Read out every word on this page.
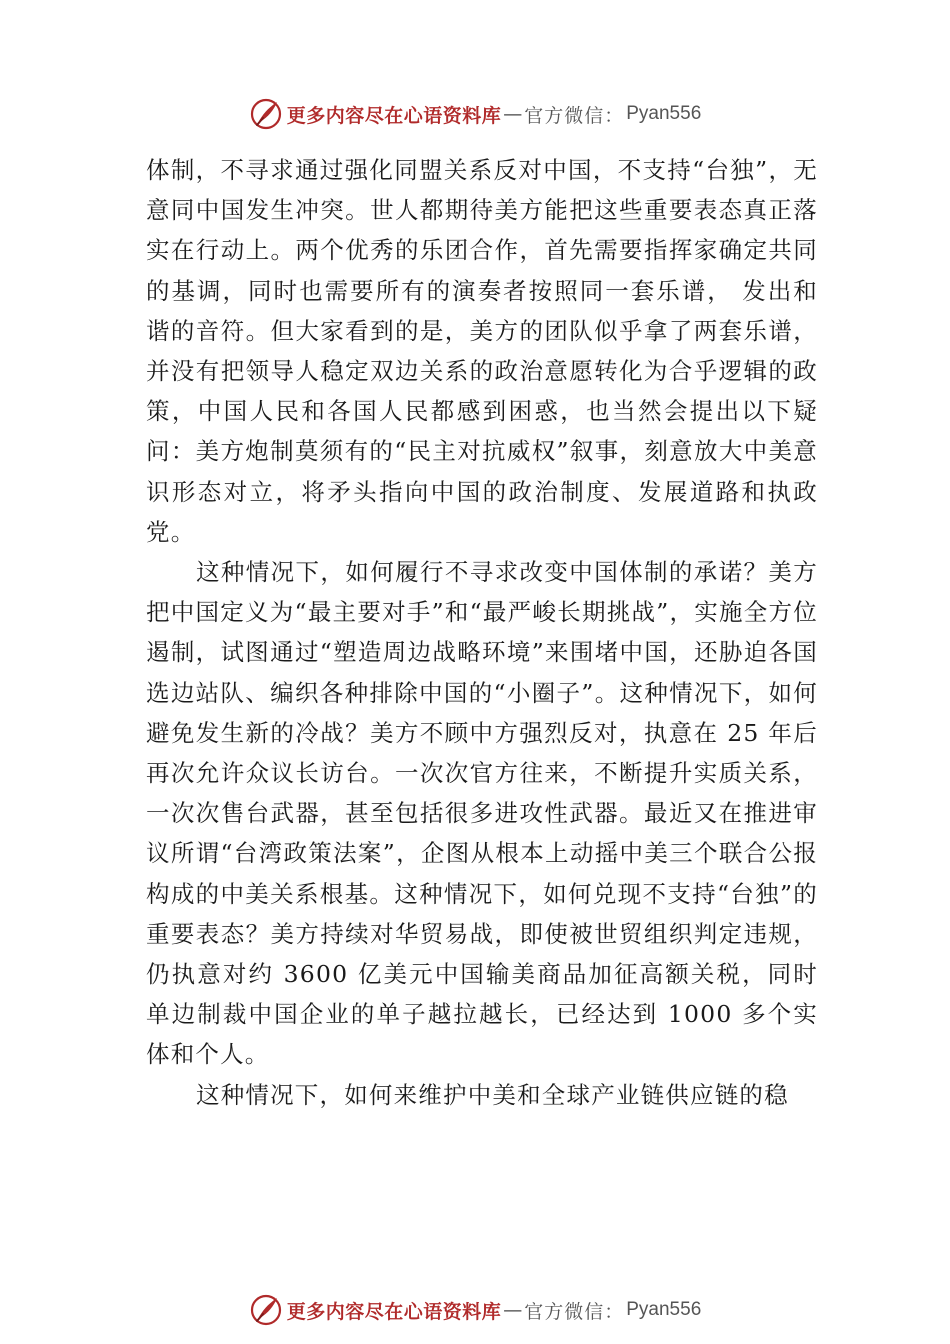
更多内容尽在心语资料库 — 官方微信： Pyan556

体制，不寻求通过强化同盟关系反对中国，不支持“台独”，无意同中国发生冲突。世人都期待美方能把这些重要表态真正落实在行动上。两个优秀的乐团合作，首先需要指挥家确定共同的基调，同时也需要所有的演奏者按照同一套乐谱， 发出和谐的音符。但大家看到的是，美方的团队似乎拿了两套乐谱，并没有把领导人稳定双边关系的政治意愿转化为合乎逻辑的政策，中国人民和各国人民都感到困惑，也当然会提出以下疑问：美方炮制莫须有的“民主对抗威权”叙事，刻意放大中美意识形态对立，将矛头指向中国的政治制度、发展道路和执政党。

这种情况下，如何履行不寻求改变中国体制的承诺？美方把中国定义为“最主要对手”和“最严峻长期挑战”，实施全方位遏制，试图通过“塑造周边战略环境”来围堵中国，还胁迫各国选边站队、编织各种排除中国的“小圈子”。这种情况下，如何避免发生新的冷战？美方不顾中方强烈反对，执意在 25 年后再次允许众议长访台。一次次官方往来，不断提升实质关系，一次次售台武器，甚至包括很多进攻性武器。最近又在推进审议所谓“台湾政策法案”，企图从根本上动摇中美三个联合公报构成的中美关系根基。这种情况下，如何兑现不支持“台独”的重要表态？美方持续对华贸易战，即使被世贸组织判定违规，仍执意对约 3600 亿美元中国输美商品加征高额关税，同时单边制裁中国企业的单子越拉越长，已经达到 1000 多个实体和个人。

这种情况下，如何来维护中美和全球产业链供应链的稳

更多内容尽在心语资料库 — 官方微信： Pyan556
